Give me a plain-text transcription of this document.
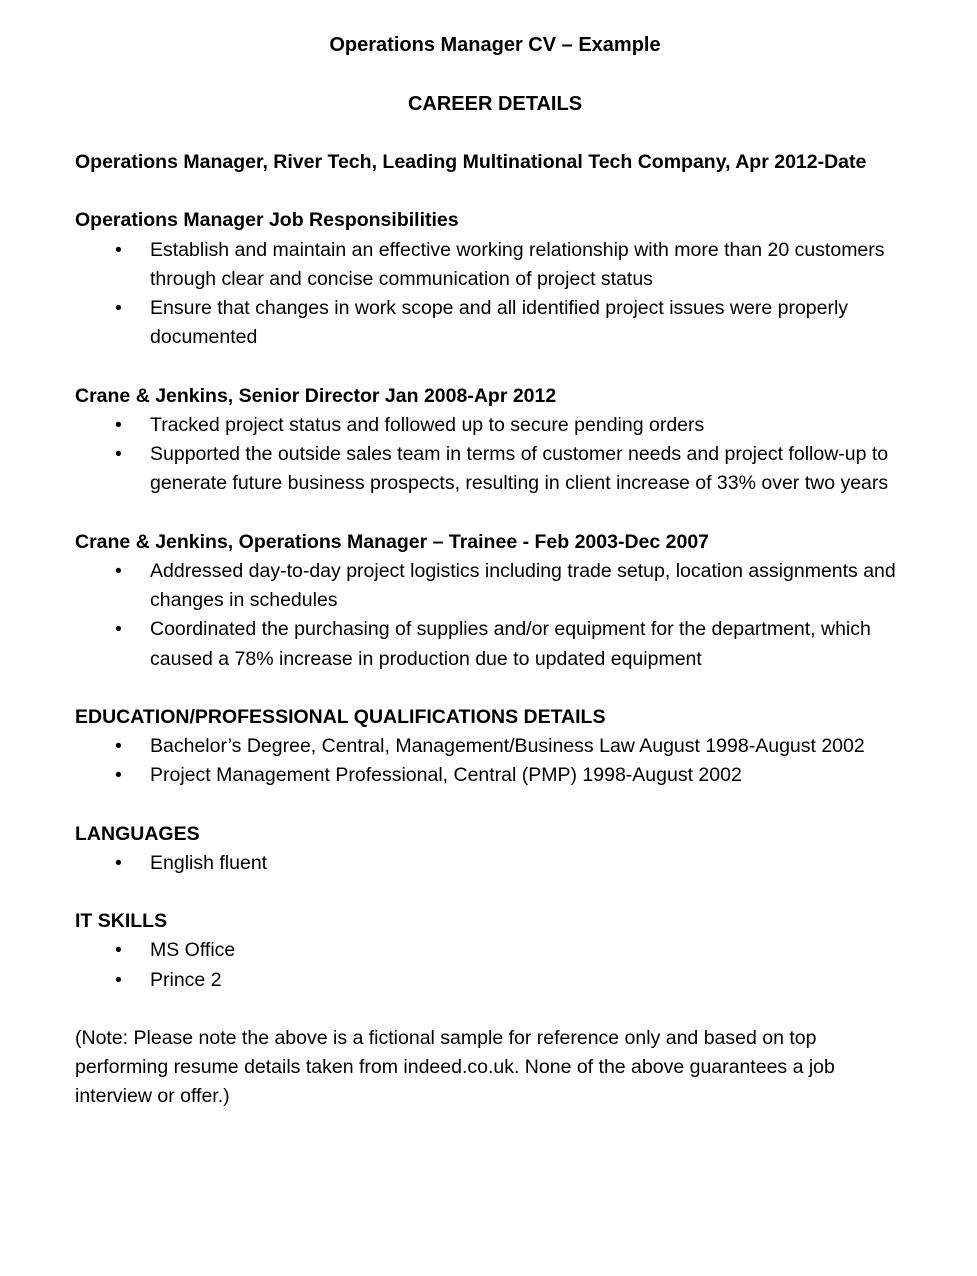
Operations Manager CV – Example
CAREER DETAILS

Operations Manager, River Tech, Leading Multinational Tech Company, Apr 2012-Date

Operations Manager Job Responsibilities

• Establish and maintain an effective working relationship with more than 20 customers through clear and concise communication of project status
• Ensure that changes in work scope and all identified project issues were properly documented

Crane & Jenkins, Senior Director Jan 2008-Apr 2012

• Tracked project status and followed up to secure pending orders
• Supported the outside sales team in terms of customer needs and project follow-up to generate future business prospects, resulting in client increase of 33% over two years

Crane & Jenkins, Operations Manager – Trainee - Feb 2003-Dec 2007

• Addressed day-to-day project logistics including trade setup, location assignments and changes in schedules
• Coordinated the purchasing of supplies and/or equipment for the department, which caused a 78% increase in production due to updated equipment

EDUCATION/PROFESSIONAL QUALIFICATIONS DETAILS

• Bachelor’s Degree, Central, Management/Business Law August 1998-August 2002
• Project Management Professional, Central (PMP) 1998-August 2002

LANGUAGES

• English fluent

IT SKILLS

• MS Office
• Prince 2

(Note: Please note the above is a fictional sample for reference only and based on top performing resume details taken from indeed.co.uk. None of the above guarantees a job interview or offer.)
